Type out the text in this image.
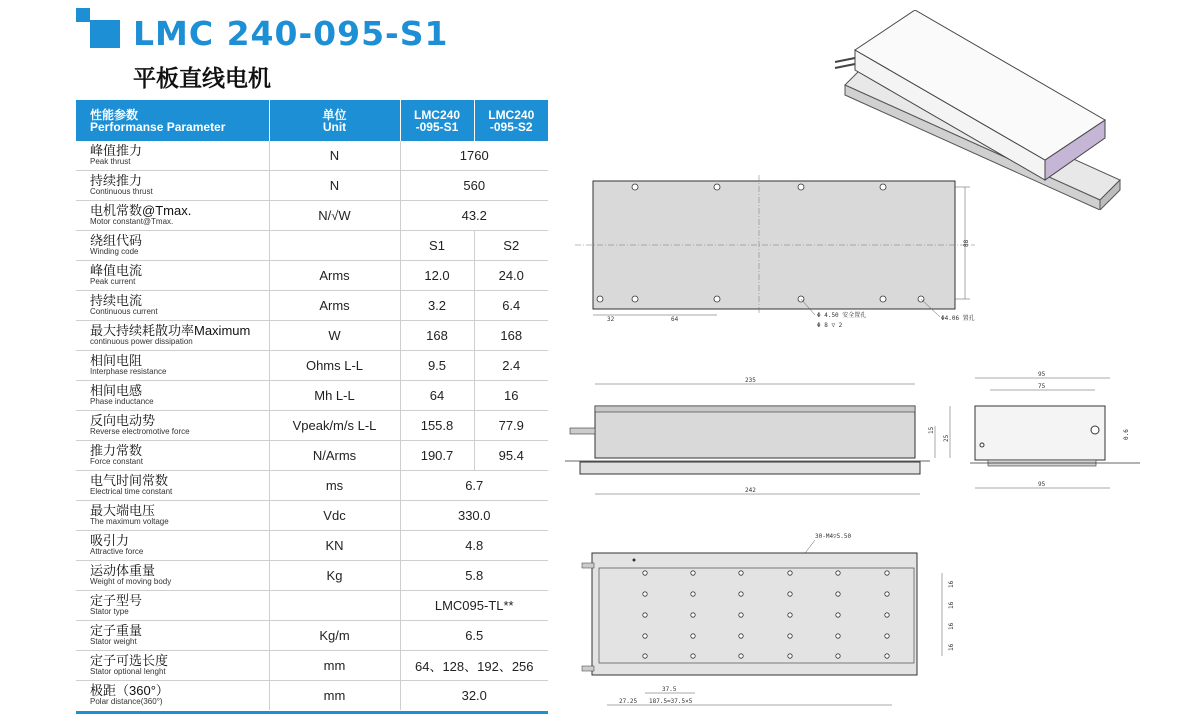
LMC 240-095-S1
平板直线电机
性能参数
Performanse Parameter	单位
Unit	LMC240 -095-S1	LMC240 -095-S2

峰值推力
Peak thrust	N	1760	

持续推力
Continuous thrust	N	560	

电机常数@Tmax.
Motor constant@Tmax.	N/√W	43.2	

绕组代码
Winding code		S1	S2

峰值电流
Peak current	Arms	12.0	24.0

持续电流
Continuous current	Arms	3.2	6.4

最大持续耗散功率Maximum
continuous power dissipation	W	168	168

相间电阻
Interphase resistance	Ohms L-L	9.5	2.4

相间电感
Phase inductance	Mh L-L	64	16

反向电动势
Reverse electromotive force	Vpeak/m/s L-L	155.8	77.9

推力常数
Force constant	N/Arms	190.7	95.4

电气时间常数
Electrical time constant	ms	6.7	

最大端电压
The maximum voltage	Vdc	330.0	

吸引力
Attractive force	KN	4.8	

运动体重量
Weight of moving body	Kg	5.8	

定子型号
Stator type		LMC095-TL**	

定子重量
Stator weight	Kg/m	6.5	

定子可选长度
Stator optional lenght	mm	64、128、192、256	

极距（360°）
Polar distance(360°)	mm	32.0	
88
32	64
Φ 4.50 安全置孔
Φ 8 ▽ 2
Φ4.06 置孔
235
242
15
25
95
75
95
0.6
30-M4▽5.50
16
16
16
16
37.5
27.25 187.5=37.5×5
